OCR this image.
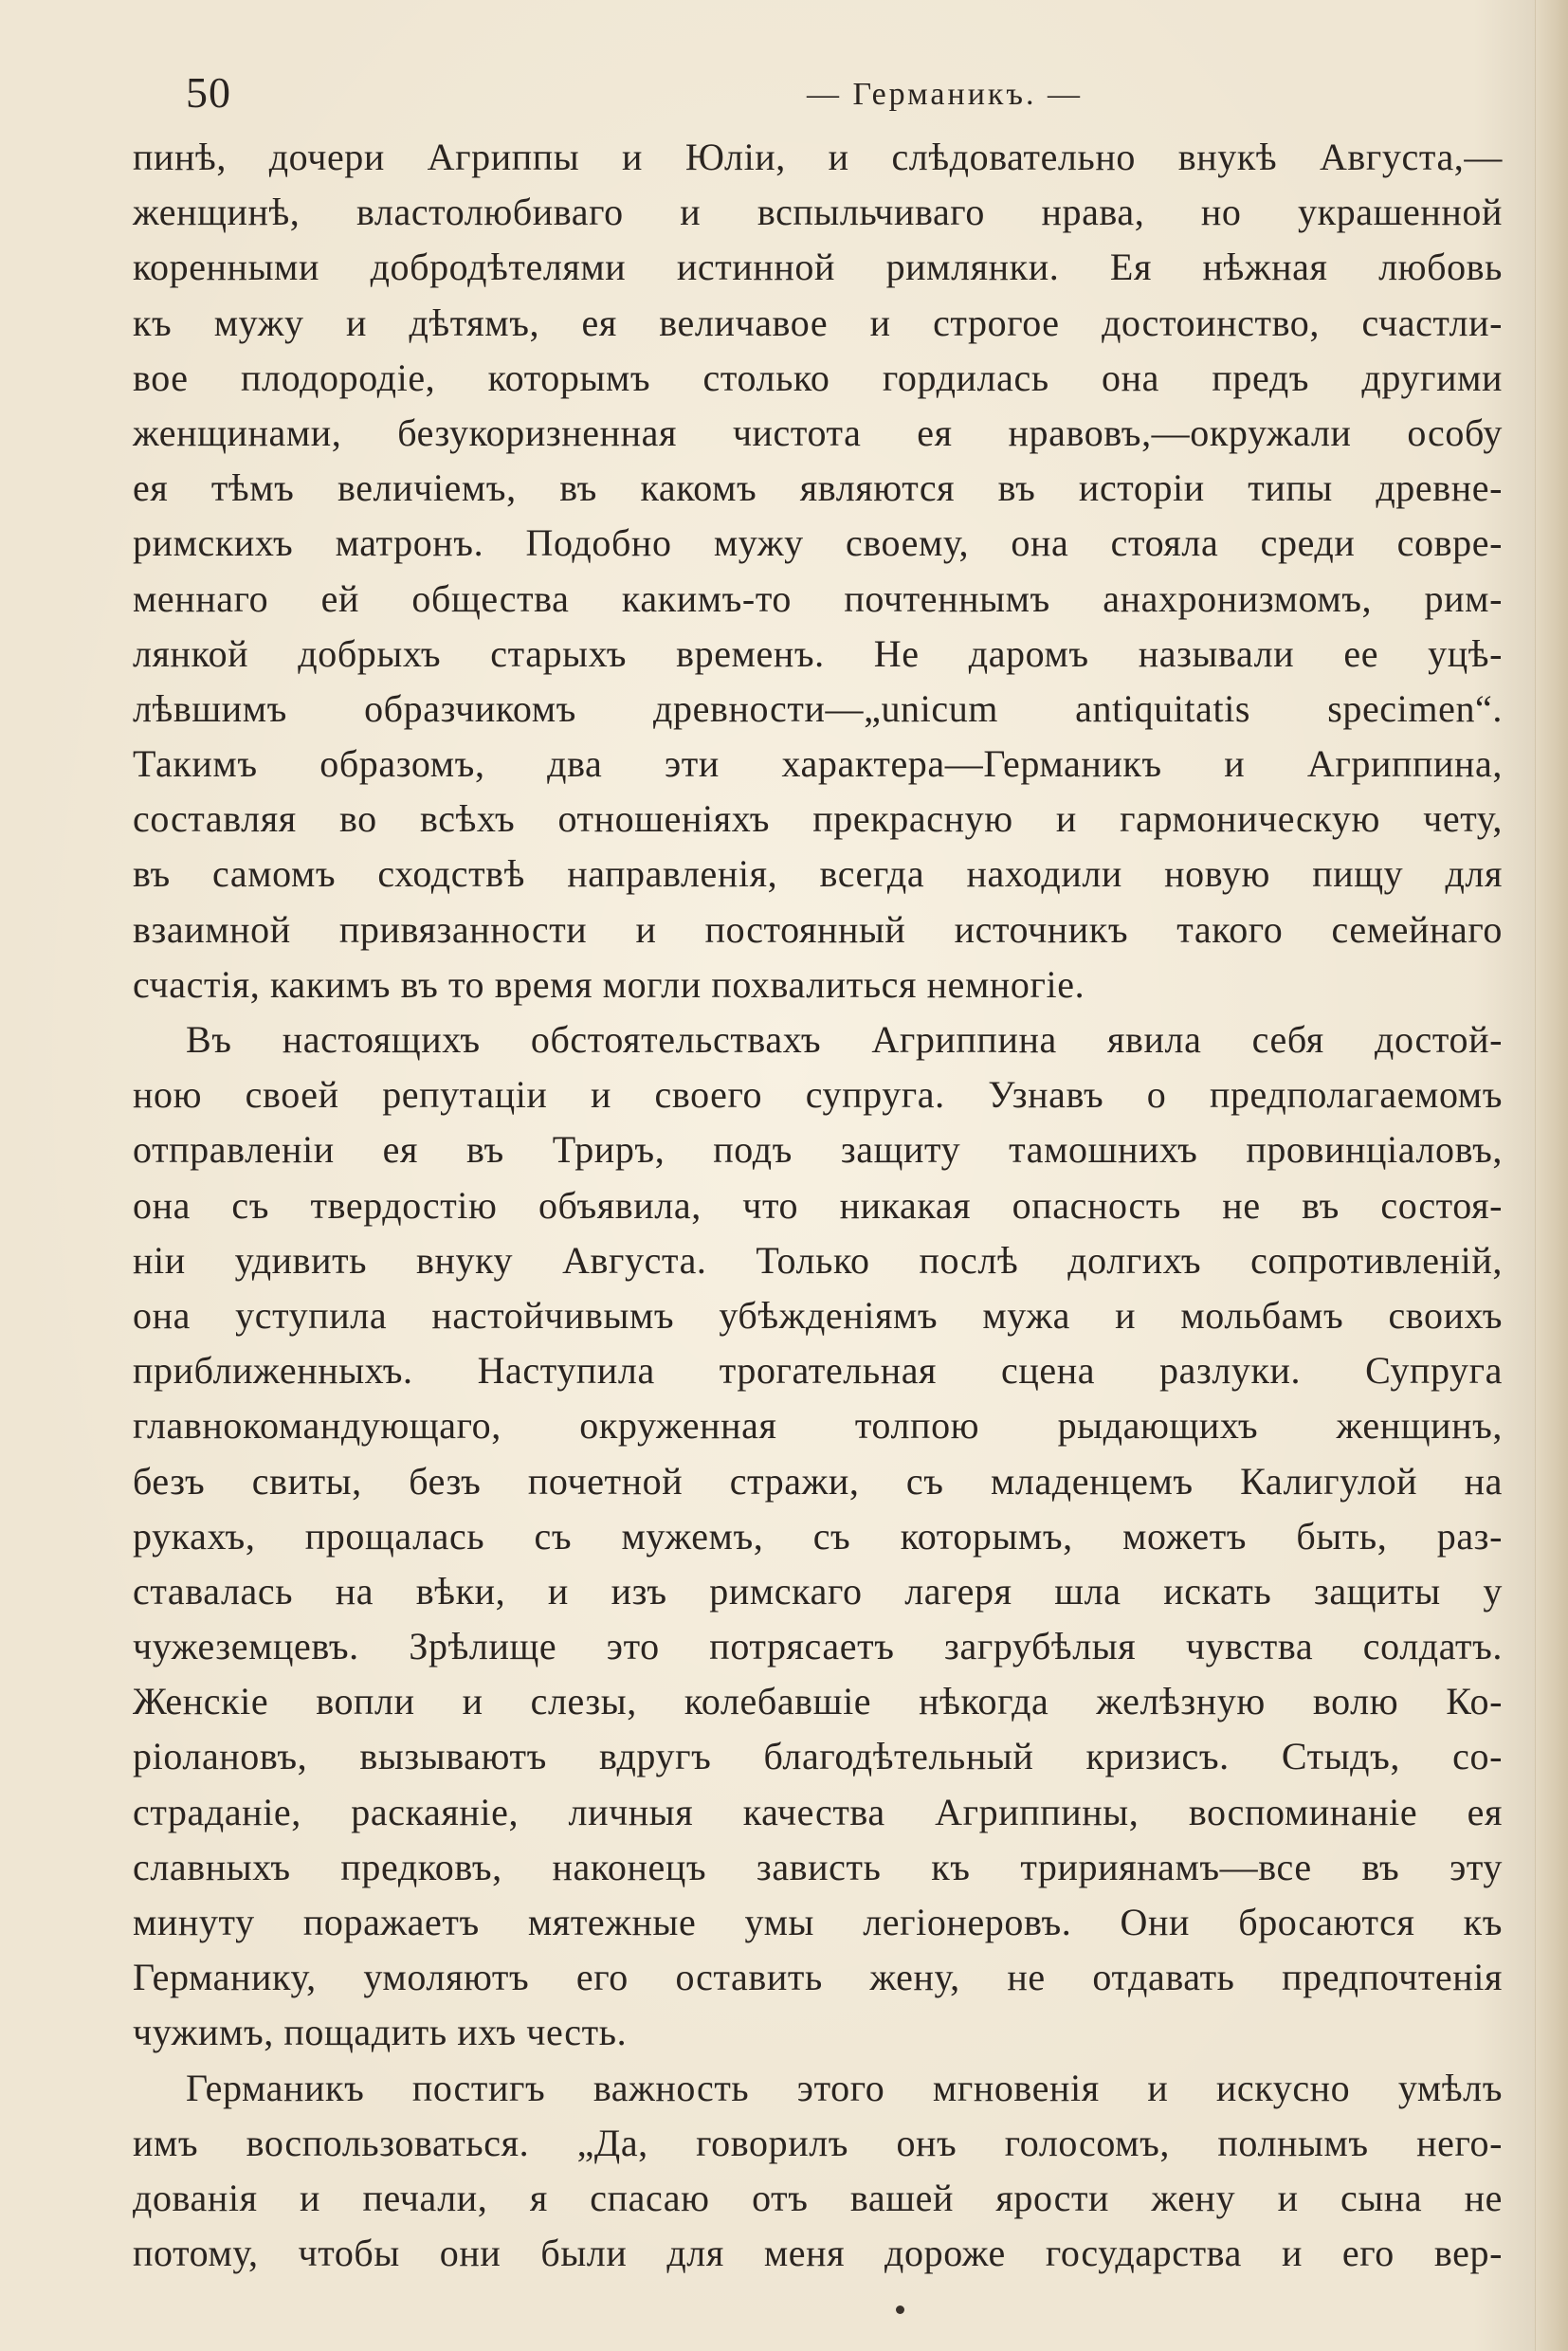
50	— Германикъ. —
пинѣ, дочери Агриппы и Юліи, и слѣдовательно внукѣ Августа,—
женщинѣ, властолюбиваго и вспыльчиваго нрава, но украшенной
коренными добродѣтелями истинной римлянки. Ея нѣжная любовь
къ мужу и дѣтямъ, ея величавое и строгое достоинство, счастли-
вое плодородіе, которымъ столько гордилась она предъ другими
женщинами, безукоризненная чистота ея нравовъ,—окружали особу
ея тѣмъ величіемъ, въ какомъ являются въ исторіи типы древне-
римскихъ матронъ. Подобно мужу своему, она стояла среди совре-
меннаго ей общества какимъ-то почтеннымъ анахронизмомъ, рим-
лянкой добрыхъ старыхъ временъ. Не даромъ называли ее уцѣ-
лѣвшимъ образчикомъ древности—„unicum antiquitatis specimen“.
Такимъ образомъ, два эти характера—Германикъ и Агриппина,
составляя во всѣхъ отношеніяхъ прекрасную и гармоническую чету,
въ самомъ сходствѣ направленія, всегда находили новую пищу для
взаимной привязанности и постоянный источникъ такого семейнаго
счастія, какимъ въ то время могли похвалиться немногіе.
Въ настоящихъ обстоятельствахъ Агриппина явила себя достой-
ною своей репутаціи и своего супруга. Узнавъ о предполагаемомъ
отправленіи ея въ Триръ, подъ защиту тамошнихъ провинціаловъ,
она съ твердостію объявила, что никакая опасность не въ состоя-
ніи удивить внуку Августа. Только послѣ долгихъ сопротивленій,
она уступила настойчивымъ убѣжденіямъ мужа и мольбамъ своихъ
приближенныхъ. Наступила трогательная сцена разлуки. Супруга
главнокомандующаго, окруженная толпою рыдающихъ женщинъ,
безъ свиты, безъ почетной стражи, съ младенцемъ Калигулой на
рукахъ, прощалась съ мужемъ, съ которымъ, можетъ быть, раз-
ставалась на вѣки, и изъ римскаго лагеря шла искать защиты у
чужеземцевъ. Зрѣлище это потрясаетъ загрубѣлыя чувства солдатъ.
Женскіе вопли и слезы, колебавшіе нѣкогда желѣзную волю Ко-
ріолановъ, вызываютъ вдругъ благодѣтельный кризисъ. Стыдъ, со-
страданіе, раскаяніе, личныя качества Агриппины, воспоминаніе ея
славныхъ предковъ, наконецъ зависть къ тририянамъ—все въ эту
минуту поражаетъ мятежные умы легіонеровъ. Они бросаются къ
Германику, умоляютъ его оставить жену, не отдавать предпочтенія
чужимъ, пощадить ихъ честь.
Германикъ постигъ важность этого мгновенія и искусно умѣлъ
имъ воспользоваться. „Да, говорилъ онъ голосомъ, полнымъ него-
дованія и печали, я спасаю отъ вашей ярости жену и сына не
потому, чтобы они были для меня дороже государства и его вер-
